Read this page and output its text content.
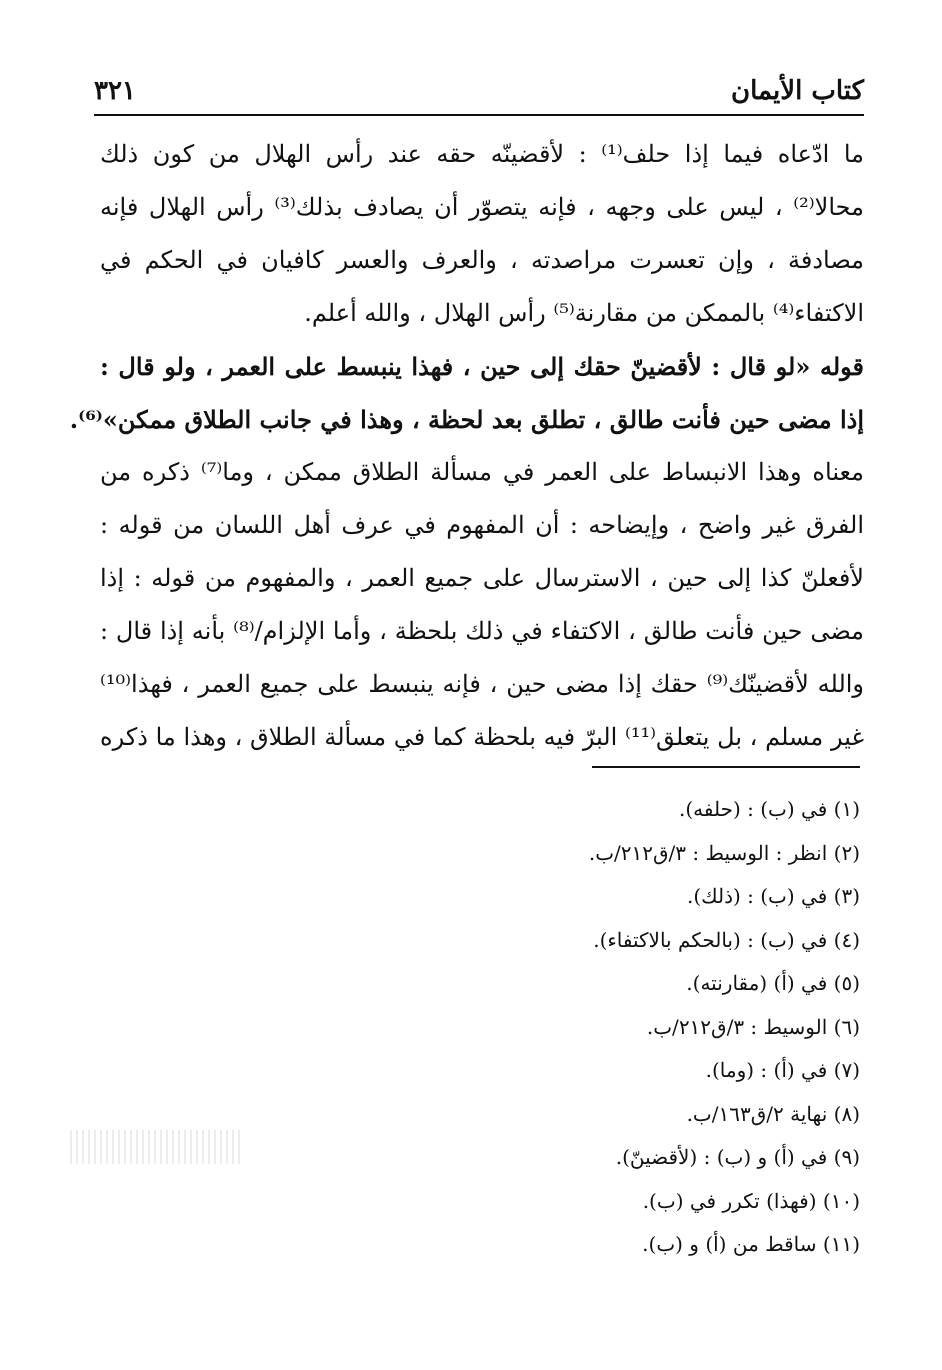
كتاب الأيمان
٣٢١
ما ادّعاه فيما إذا حلف⁽¹⁾ : لأقضينّه حقه عند رأس الهلال من كون ذلك
محالا⁽²⁾ ، ليس على وجهه ، فإنه يتصوّر أن يصادف بذلك⁽³⁾ رأس الهلال فإنه
مصادفة ، وإن تعسرت مراصدته ، والعرف والعسر كافيان في الحكم في
الاكتفاء⁽⁴⁾ بالممكن من مقارنة⁽⁵⁾ رأس الهلال ، والله أعلم.
قوله «لو قال : لأقضينّ حقك إلى حين ، فهذا ينبسط على العمر ، ولو قال :
إذا مضى حين فأنت طالق ، تطلق بعد لحظة ، وهذا في جانب الطلاق ممكن»⁽⁶⁾.
معناه وهذا الانبساط على العمر في مسألة الطلاق ممكن ، وما⁽⁷⁾ ذكره من
الفرق غير واضح ، وإيضاحه : أن المفهوم في عرف أهل اللسان من قوله :
لأفعلنّ كذا إلى حين ، الاسترسال على جميع العمر ، والمفهوم من قوله : إذا
مضى حين فأنت طالق ، الاكتفاء في ذلك بلحظة ، وأما الإلزام/⁽⁸⁾ بأنه إذا قال :
والله لأقضينّك⁽⁹⁾ حقك إذا مضى حين ، فإنه ينبسط على جميع العمر ، فهذا⁽¹⁰⁾
غير مسلم ، بل يتعلق⁽¹¹⁾ البرّ فيه بلحظة كما في مسألة الطلاق ، وهذا ما ذكره
(١) في (ب) : (حلفه).
(٢) انظر : الوسيط : ٣/ق٢١٢/ب.
(٣) في (ب) : (ذلك).
(٤) في (ب) : (بالحكم بالاكتفاء).
(٥) في (أ) (مقارنته).
(٦) الوسيط : ٣/ق٢١٢/ب.
(٧) في (أ) : (وما).
(٨) نهاية ٢/ق١٦٣/ب.
(٩) في (أ) و (ب) : (لأقضينّ).
(١٠) (فهذا) تكرر في (ب).
(١١) ساقط من (أ) و (ب).
